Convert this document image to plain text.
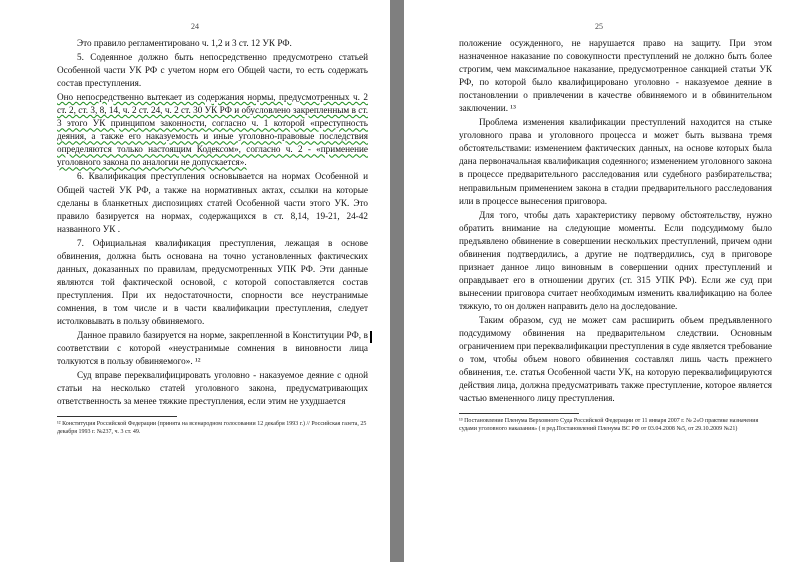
24

Это правило регламентировано ч. 1,2 и 3 ст. 12 УК РФ.

5. Содеянное должно быть непосредственно предусмотрено статьей Особенной части УК РФ с учетом норм его Общей части, то есть содержать состав преступления.

Оно непосредственно вытекает из содержания нормы, предусмотренных ч. 2 ст. 2, ст. 3, 8, 14, ч. 2 ст. 24, ч. 2 ст. 30 УК РФ и обусловлено закрепленным в ст. 3 этого УК принципом законности, согласно ч. 1 которой «преступность деяния, а также его наказуемость и иные уголовно-правовые последствия определяются только настоящим Кодексом», согласно ч. 2 - «применение уголовного закона по аналогии не допускается».

6. Квалификация преступления основывается на нормах Особенной и Общей частей УК РФ, а также на нормативных актах, ссылки на которые сделаны в бланкетных диспозициях статей Особенной части этого УК. Это правило базируется на нормах, содержащихся в ст. 8,14, 19-21, 24-42 названного УК .

7. Официальная квалификация преступления, лежащая в основе обвинения, должна быть основана на точно установленных фактических данных, доказанных по правилам, предусмотренных УПК РФ. Эти данные являются той фактической основой, с которой сопоставляется состав преступления. При их недостаточности, спорности все неустранимые сомнения, в том числе и в части квалификации преступления, следует истолковывать в пользу обвиняемого.

Данное правило базируется на норме, закрепленной в Конституции РФ, в соответствии с которой «неустранимые сомнения в виновности лица толкуются в пользу обвиняемого». ¹²

Суд вправе переквалифицировать уголовно - наказуемое деяние с одной статьи на несколько статей уголовного закона, предусматривающих ответственность за менее тяжкие преступления, если этим не ухудшается

¹² Конституция Российской Федерации (принята на всенародном голосовании 12 декабря 1993 г.) // Российская газета, 25 декабря 1993 г. №237, ч. 3 ст. 49.
25

положение осужденного, не нарушается право на защиту. При этом назначенное наказание по совокупности преступлений не должно быть более строгим, чем максимальное наказание, предусмотренное санкцией статьи УК РФ, по которой было квалифицировано уголовно - наказуемое деяние в постановлении о привлечении в качестве обвиняемого и в обвинительном заключении. ¹³

Проблема изменения квалификации преступлений находится на стыке уголовного права и уголовного процесса и может быть вызвана тремя обстоятельствами: изменением фактических данных, на основе которых была дана первоначальная квалификация содеянного; изменением уголовного закона в процессе предварительного расследования или судебного разбирательства; неправильным применением закона в стадии предварительного расследования или в процессе вынесения приговора.

Для того, чтобы дать характеристику первому обстоятельству, нужно обратить внимание на следующие моменты. Если подсудимому было предъявлено обвинение в совершении нескольких преступлений, причем одни обвинения подтвердились, а другие не подтвердились, суд в приговоре признает данное лицо виновным в совершении одних преступлений и оправдывает его в отношении других (ст. 315 УПК РФ). Если же суд при вынесении приговора считает необходимым изменить квалификацию на более тяжкую, то он должен направить дело на доследование.

Таким образом, суд не может сам расширить объем предъявленного подсудимому обвинения на предварительном следствии. Основным ограничением при переквалификации преступления в суде является требование о том, чтобы объем нового обвинения составлял лишь часть прежнего обвинения, т.е. статья Особенной части УК, на которую переквалифицируются действия лица, должна предусматривать также преступление, которое является частью вмененного лицу преступления.

¹³ Постановление Пленума Верховного Суда Российской Федерации от 11 января 2007 г. № 2«О практике назначения судами уголовного наказания» ( в ред.Постановлений Пленума ВС РФ от 03.04.2008 №5, от 29.10.2009 №21)
